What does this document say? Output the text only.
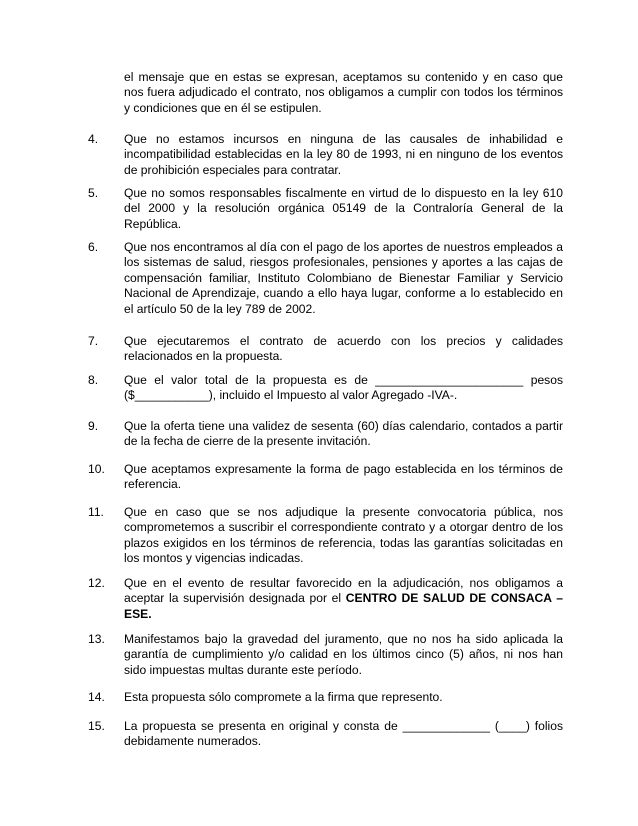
el mensaje que en estas se expresan, aceptamos su contenido y en caso que nos fuera adjudicado el contrato, nos obligamos a cumplir con todos los términos y condiciones que en él se estipulen.
4. Que no estamos incursos en ninguna de las causales de inhabilidad e incompatibilidad establecidas en la ley 80 de 1993, ni en ninguno de los eventos de prohibición especiales para contratar.
5. Que no somos responsables fiscalmente en virtud de lo dispuesto en la ley 610 del 2000 y la resolución orgánica 05149 de la Contraloría General de la República.
6. Que nos encontramos al día con el pago de los aportes de nuestros empleados a los sistemas de salud, riesgos profesionales, pensiones y aportes a las cajas de compensación familiar, Instituto Colombiano de Bienestar Familiar y Servicio Nacional de Aprendizaje, cuando a ello haya lugar, conforme a lo establecido en el artículo 50 de la ley 789 de 2002.
7. Que ejecutaremos el contrato de acuerdo con los precios y calidades relacionados en la propuesta.
8. Que el valor total de la propuesta es de ______________________ pesos ($___________), incluido el Impuesto al valor Agregado -IVA-.
9. Que la oferta tiene una validez de sesenta (60) días calendario, contados a partir de la fecha de cierre de la presente invitación.
10. Que aceptamos expresamente la forma de pago establecida en los términos de referencia.
11. Que en caso que se nos adjudique la presente convocatoria pública, nos comprometemos a suscribir el correspondiente contrato y a otorgar dentro de los plazos exigidos en los términos de referencia, todas las garantías solicitadas en los montos y vigencias indicadas.
12. Que en el evento de resultar favorecido en la adjudicación, nos obligamos a aceptar la supervisión designada por el CENTRO DE SALUD DE CONSACA – ESE.
13. Manifestamos bajo la gravedad del juramento, que no nos ha sido aplicada la garantía de cumplimiento y/o calidad en los últimos cinco (5) años, ni nos han sido impuestas multas durante este período.
14. Esta propuesta sólo compromete a la firma que represento.
15. La propuesta se presenta en original y consta de _____________ (____) folios debidamente numerados.
